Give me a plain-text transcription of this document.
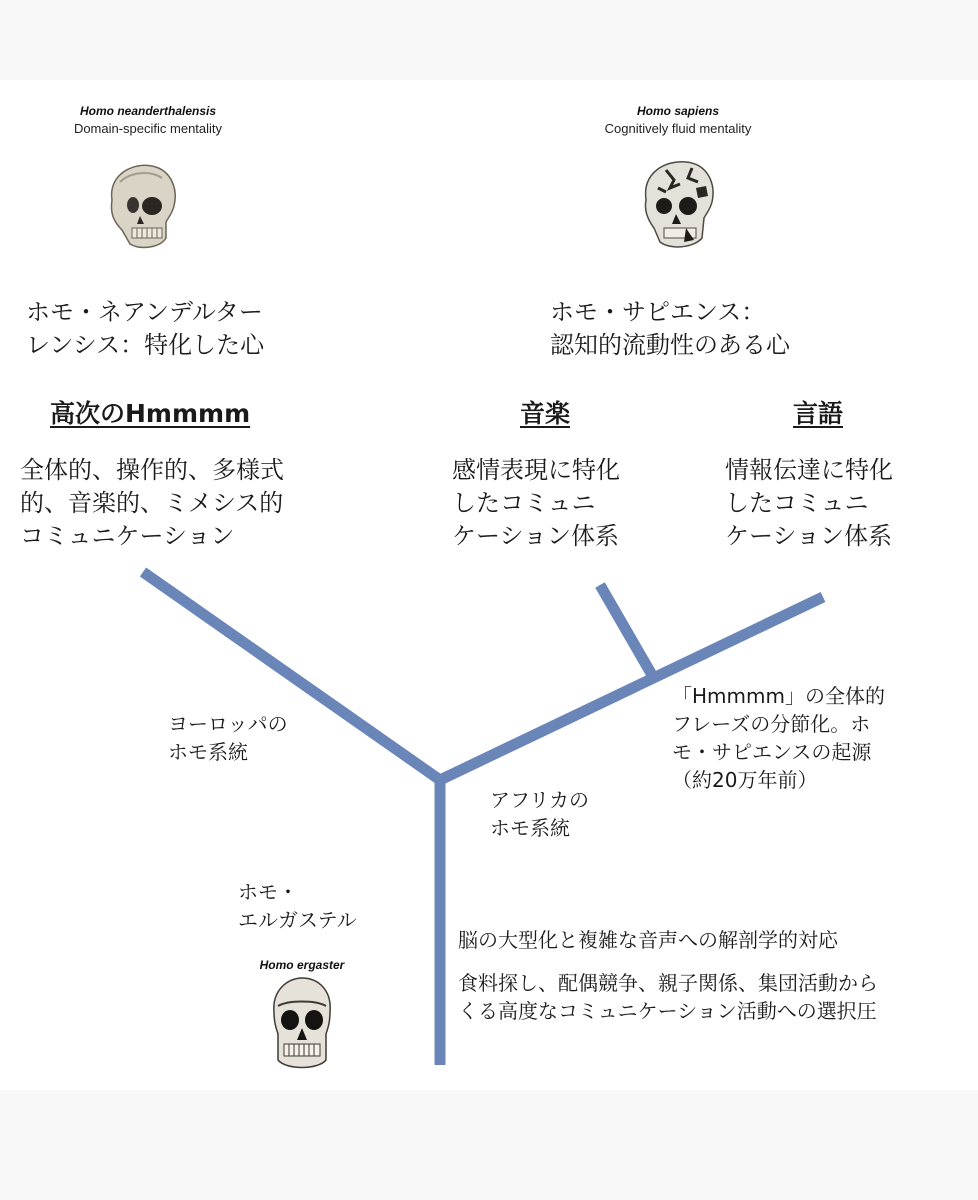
Homo neanderthalensis
Domain-specific mentality
Homo sapiens
Cognitively fluid mentality
ホモ・ネアンデルター
レンシス：特化した心
ホモ・サピエンス：
認知的流動性のある心
高次のHmmmm	音楽	言語
全体的、操作的、多様式
的、音楽的、ミメシス的
コミュニケーション
感情表現に特化
したコミュニ
ケーション体系
情報伝達に特化
したコミュニ
ケーション体系
ヨーロッパの
ホモ系統
アフリカの
ホモ系統
「Hmmmm」の全体的
フレーズの分節化。ホ
モ・サピエンスの起源
（約20万年前）
ホモ・
エルガステル
脳の大型化と複雑な音声への解剖学的対応
食料探し、配偶競争、親子関係、集団活動から
くる高度なコミュニケーション活動への選択圧
Homo ergaster
